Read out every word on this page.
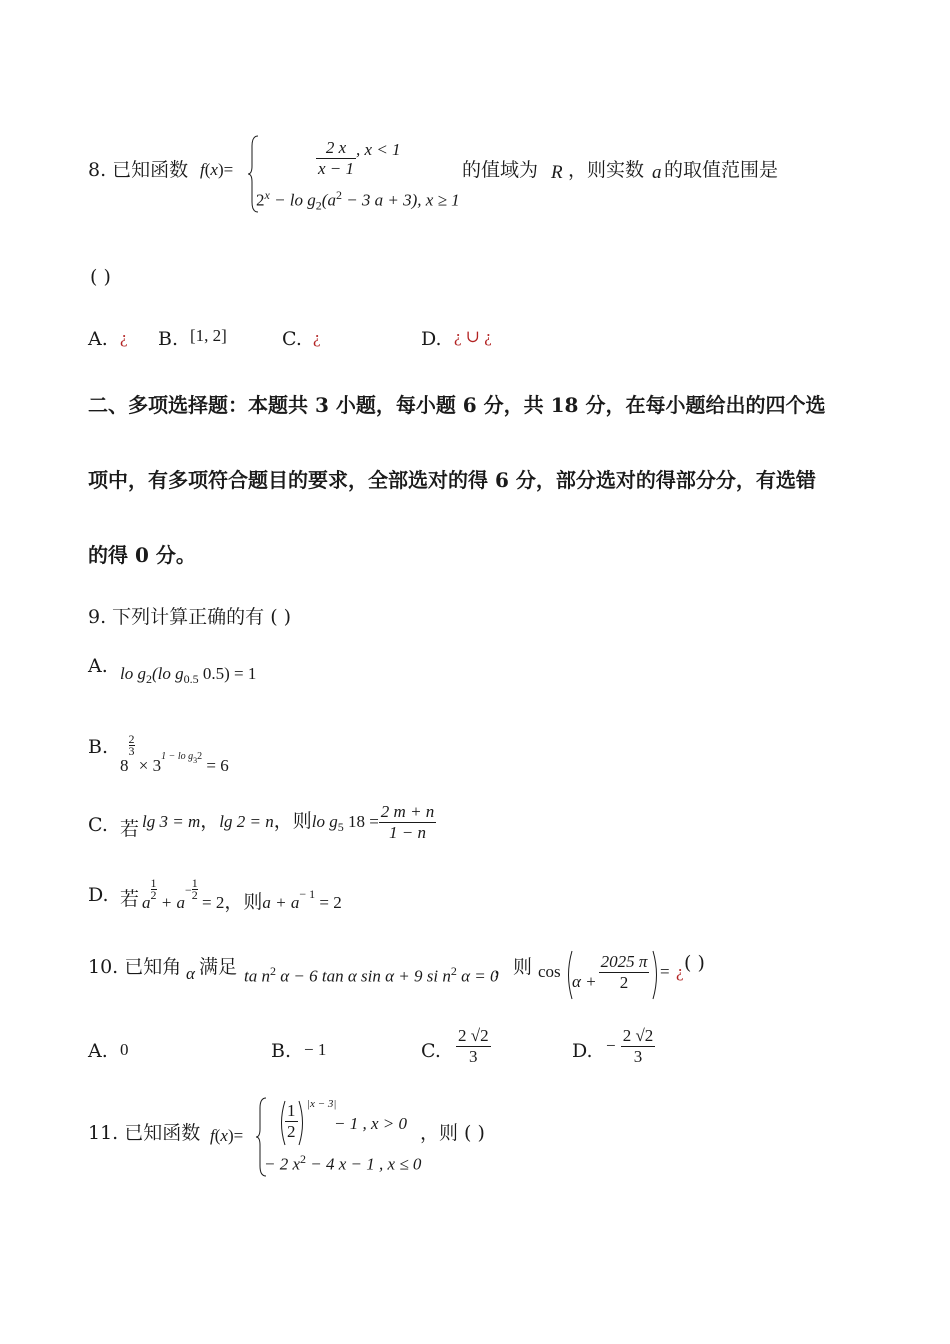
8. 已知函数 f(x)=	$\frac{2 x}{x - 1}$ , x < 1
$2^x$ − lo $g_2(a^2 - 3$ a + 3), x ≥ 1
的值域为 R ，则实数 a 的取值范围是
( )
A. ¿ B. [1, 2]	C. ¿	D. ¿ ∪ ¿
二、多项选择题：本题共 3 小题，每小题 6 分，共 18 分，在每小题给出的四个选
项中，有多项符合题目的要求，全部选对的得 6 分，部分选对的得部分分，有选错
的得 0 分。
9. 下列计算正确的有 ( )
A. lo $g_2(lo$ $g_{0.5}$ 0.5) = 1
B.
8
$\frac{2}{3}$
× 31 − lo $g_32 = 6$
C. 若 lg 3 = m，lg 2 = n，则lo $g_5$ $18 = \frac{2 m + n}{1 - n}$
D. 若 a
$\frac{1}{2}$
+ $a- \frac{1}{2}$
= 2，则$a + a_{- 1} = 2$
10. 已知角 α 满足 ta $n^2$ α − 6 tan α sin α + 9 si $n^2$ α = 0
，则 cos
$\alpha + \frac{2025 \pi}{2}$ = ¿ ( )
A. 0	B. − 1	C. $\frac{2 √2}{3}$	D. − $\frac{2 √2}{3}$
11. 已知函数 $f(x)= \frac{1}{2} |x - 3|$
− 1 , x > 0
− 2 $x^2 - 4$ x − 1 , x ≤ 0
，则 ( )
